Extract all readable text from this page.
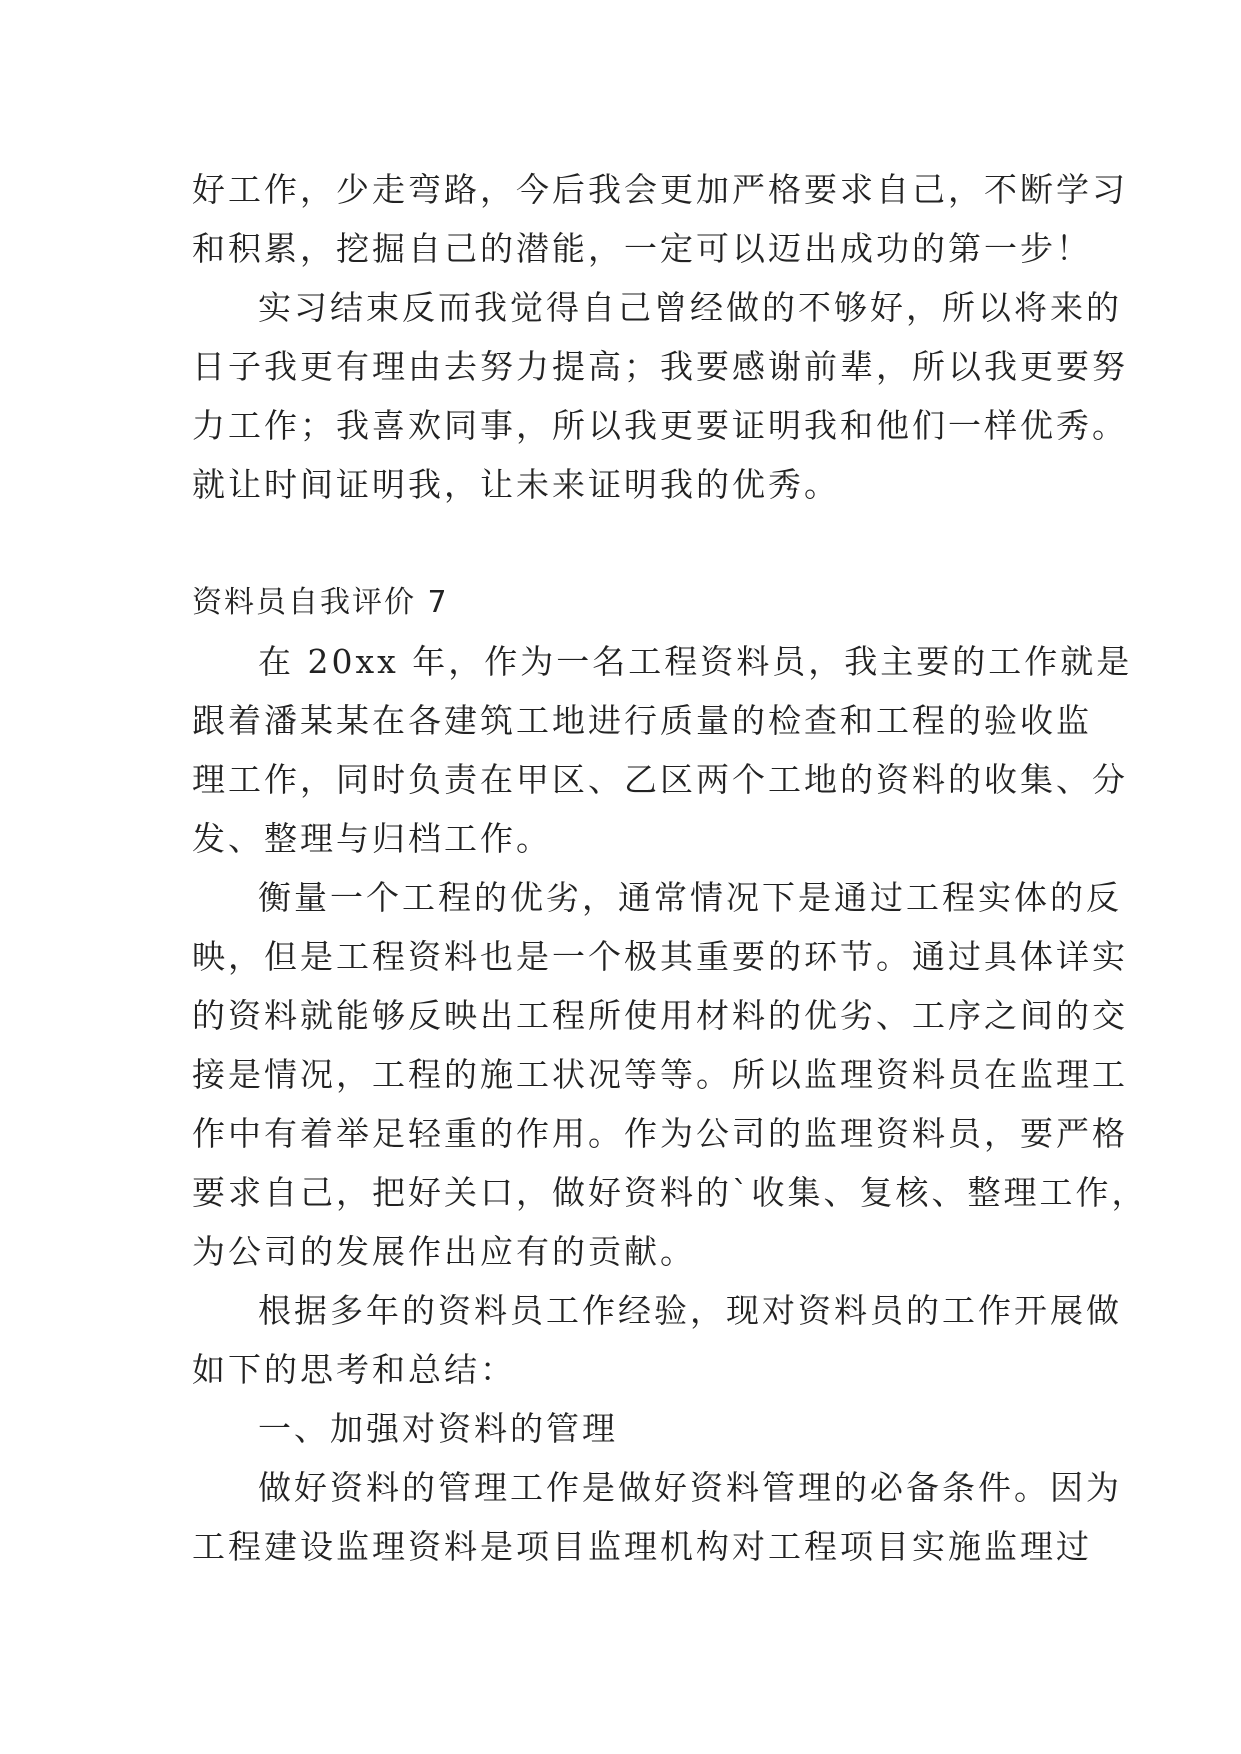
好工作，少走弯路，今后我会更加严格要求自己，不断学习
和积累，挖掘自己的潜能，一定可以迈出成功的第一步！
实习结束反而我觉得自己曾经做的不够好，所以将来的
日子我更有理由去努力提高；我要感谢前辈，所以我更要努
力工作；我喜欢同事，所以我更要证明我和他们一样优秀。
就让时间证明我，让未来证明我的优秀。
资料员自我评价 7
在 20xx 年，作为一名工程资料员，我主要的工作就是
跟着潘某某在各建筑工地进行质量的检查和工程的验收监
理工作，同时负责在甲区、乙区两个工地的资料的收集、分
发、整理与归档工作。
衡量一个工程的优劣，通常情况下是通过工程实体的反
映，但是工程资料也是一个极其重要的环节。通过具体详实
的资料就能够反映出工程所使用材料的优劣、工序之间的交
接是情况，工程的施工状况等等。所以监理资料员在监理工
作中有着举足轻重的作用。作为公司的监理资料员，要严格
要求自己，把好关口，做好资料的`收集、复核、整理工作，
为公司的发展作出应有的贡献。
根据多年的资料员工作经验，现对资料员的工作开展做
如下的思考和总结：
一、加强对资料的管理
做好资料的管理工作是做好资料管理的必备条件。因为
工程建设监理资料是项目监理机构对工程项目实施监理过
